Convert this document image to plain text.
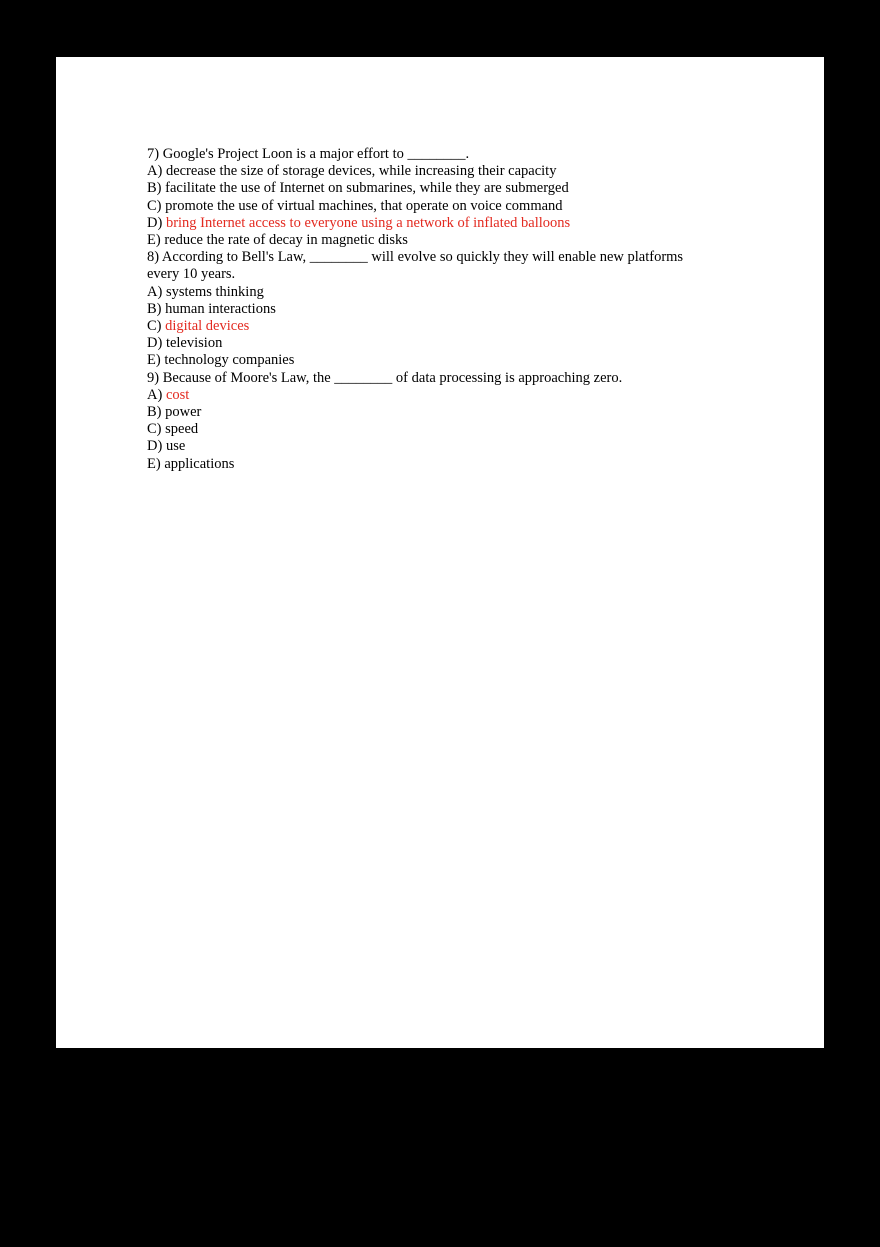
7) Google's Project Loon is a major effort to ________.
A) decrease the size of storage devices, while increasing their capacity
B) facilitate the use of Internet on submarines, while they are submerged
C) promote the use of virtual machines, that operate on voice command
D) bring Internet access to everyone using a network of inflated balloons
E) reduce the rate of decay in magnetic disks
8) According to Bell's Law, ________ will evolve so quickly they will enable new platforms
every 10 years.
A) systems thinking
B) human interactions
C) digital devices
D) television
E) technology companies
9) Because of Moore's Law, the ________ of data processing is approaching zero.
A) cost
B) power
C) speed
D) use
E) applications
